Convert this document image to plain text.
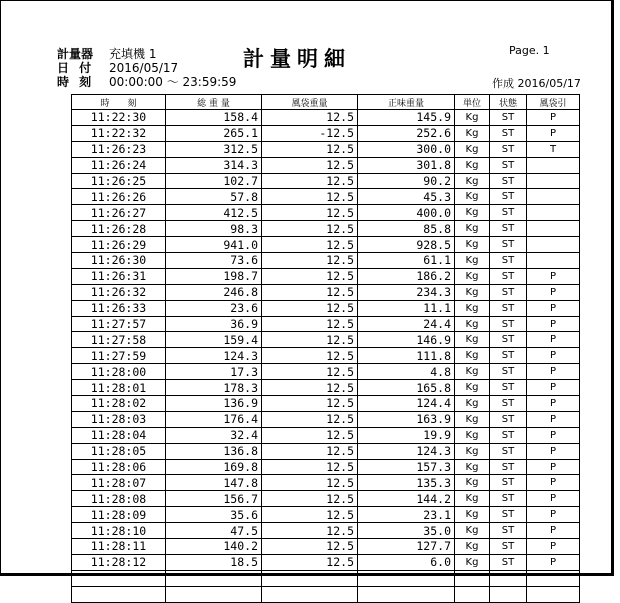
計量器 充填機 1
日 付 2016/05/17
時 刻 00:00:00 ～ 23:59:59
計量明細	Page. 1
作成 2016/05/17
時　　刻	総 重 量	風袋重量	正味重量	単位	状態	風袋引
11:22:30	158.4	12.5	145.9	Kg	ST	P
11:22:32	265.1	-12.5	252.6	Kg	ST	P
11:26:23	312.5	12.5	300.0	Kg	ST	T
11:26:24	314.3	12.5	301.8	Kg	ST	
11:26:25	102.7	12.5	90.2	Kg	ST	
11:26:26	57.8	12.5	45.3	Kg	ST	
11:26:27	412.5	12.5	400.0	Kg	ST	
11:26:28	98.3	12.5	85.8	Kg	ST	
11:26:29	941.0	12.5	928.5	Kg	ST	
11:26:30	73.6	12.5	61.1	Kg	ST	
11:26:31	198.7	12.5	186.2	Kg	ST	P
11:26:32	246.8	12.5	234.3	Kg	ST	P
11:26:33	23.6	12.5	11.1	Kg	ST	P
11:27:57	36.9	12.5	24.4	Kg	ST	P
11:27:58	159.4	12.5	146.9	Kg	ST	P
11:27:59	124.3	12.5	111.8	Kg	ST	P
11:28:00	17.3	12.5	4.8	Kg	ST	P
11:28:01	178.3	12.5	165.8	Kg	ST	P
11:28:02	136.9	12.5	124.4	Kg	ST	P
11:28:03	176.4	12.5	163.9	Kg	ST	P
11:28:04	32.4	12.5	19.9	Kg	ST	P
11:28:05	136.8	12.5	124.3	Kg	ST	P
11:28:06	169.8	12.5	157.3	Kg	ST	P
11:28:07	147.8	12.5	135.3	Kg	ST	P
11:28:08	156.7	12.5	144.2	Kg	ST	P
11:28:09	35.6	12.5	23.1	Kg	ST	P
11:28:10	47.5	12.5	35.0	Kg	ST	P
11:28:11	140.2	12.5	127.7	Kg	ST	P
11:28:12	18.5	12.5	6.0	Kg	ST	P
